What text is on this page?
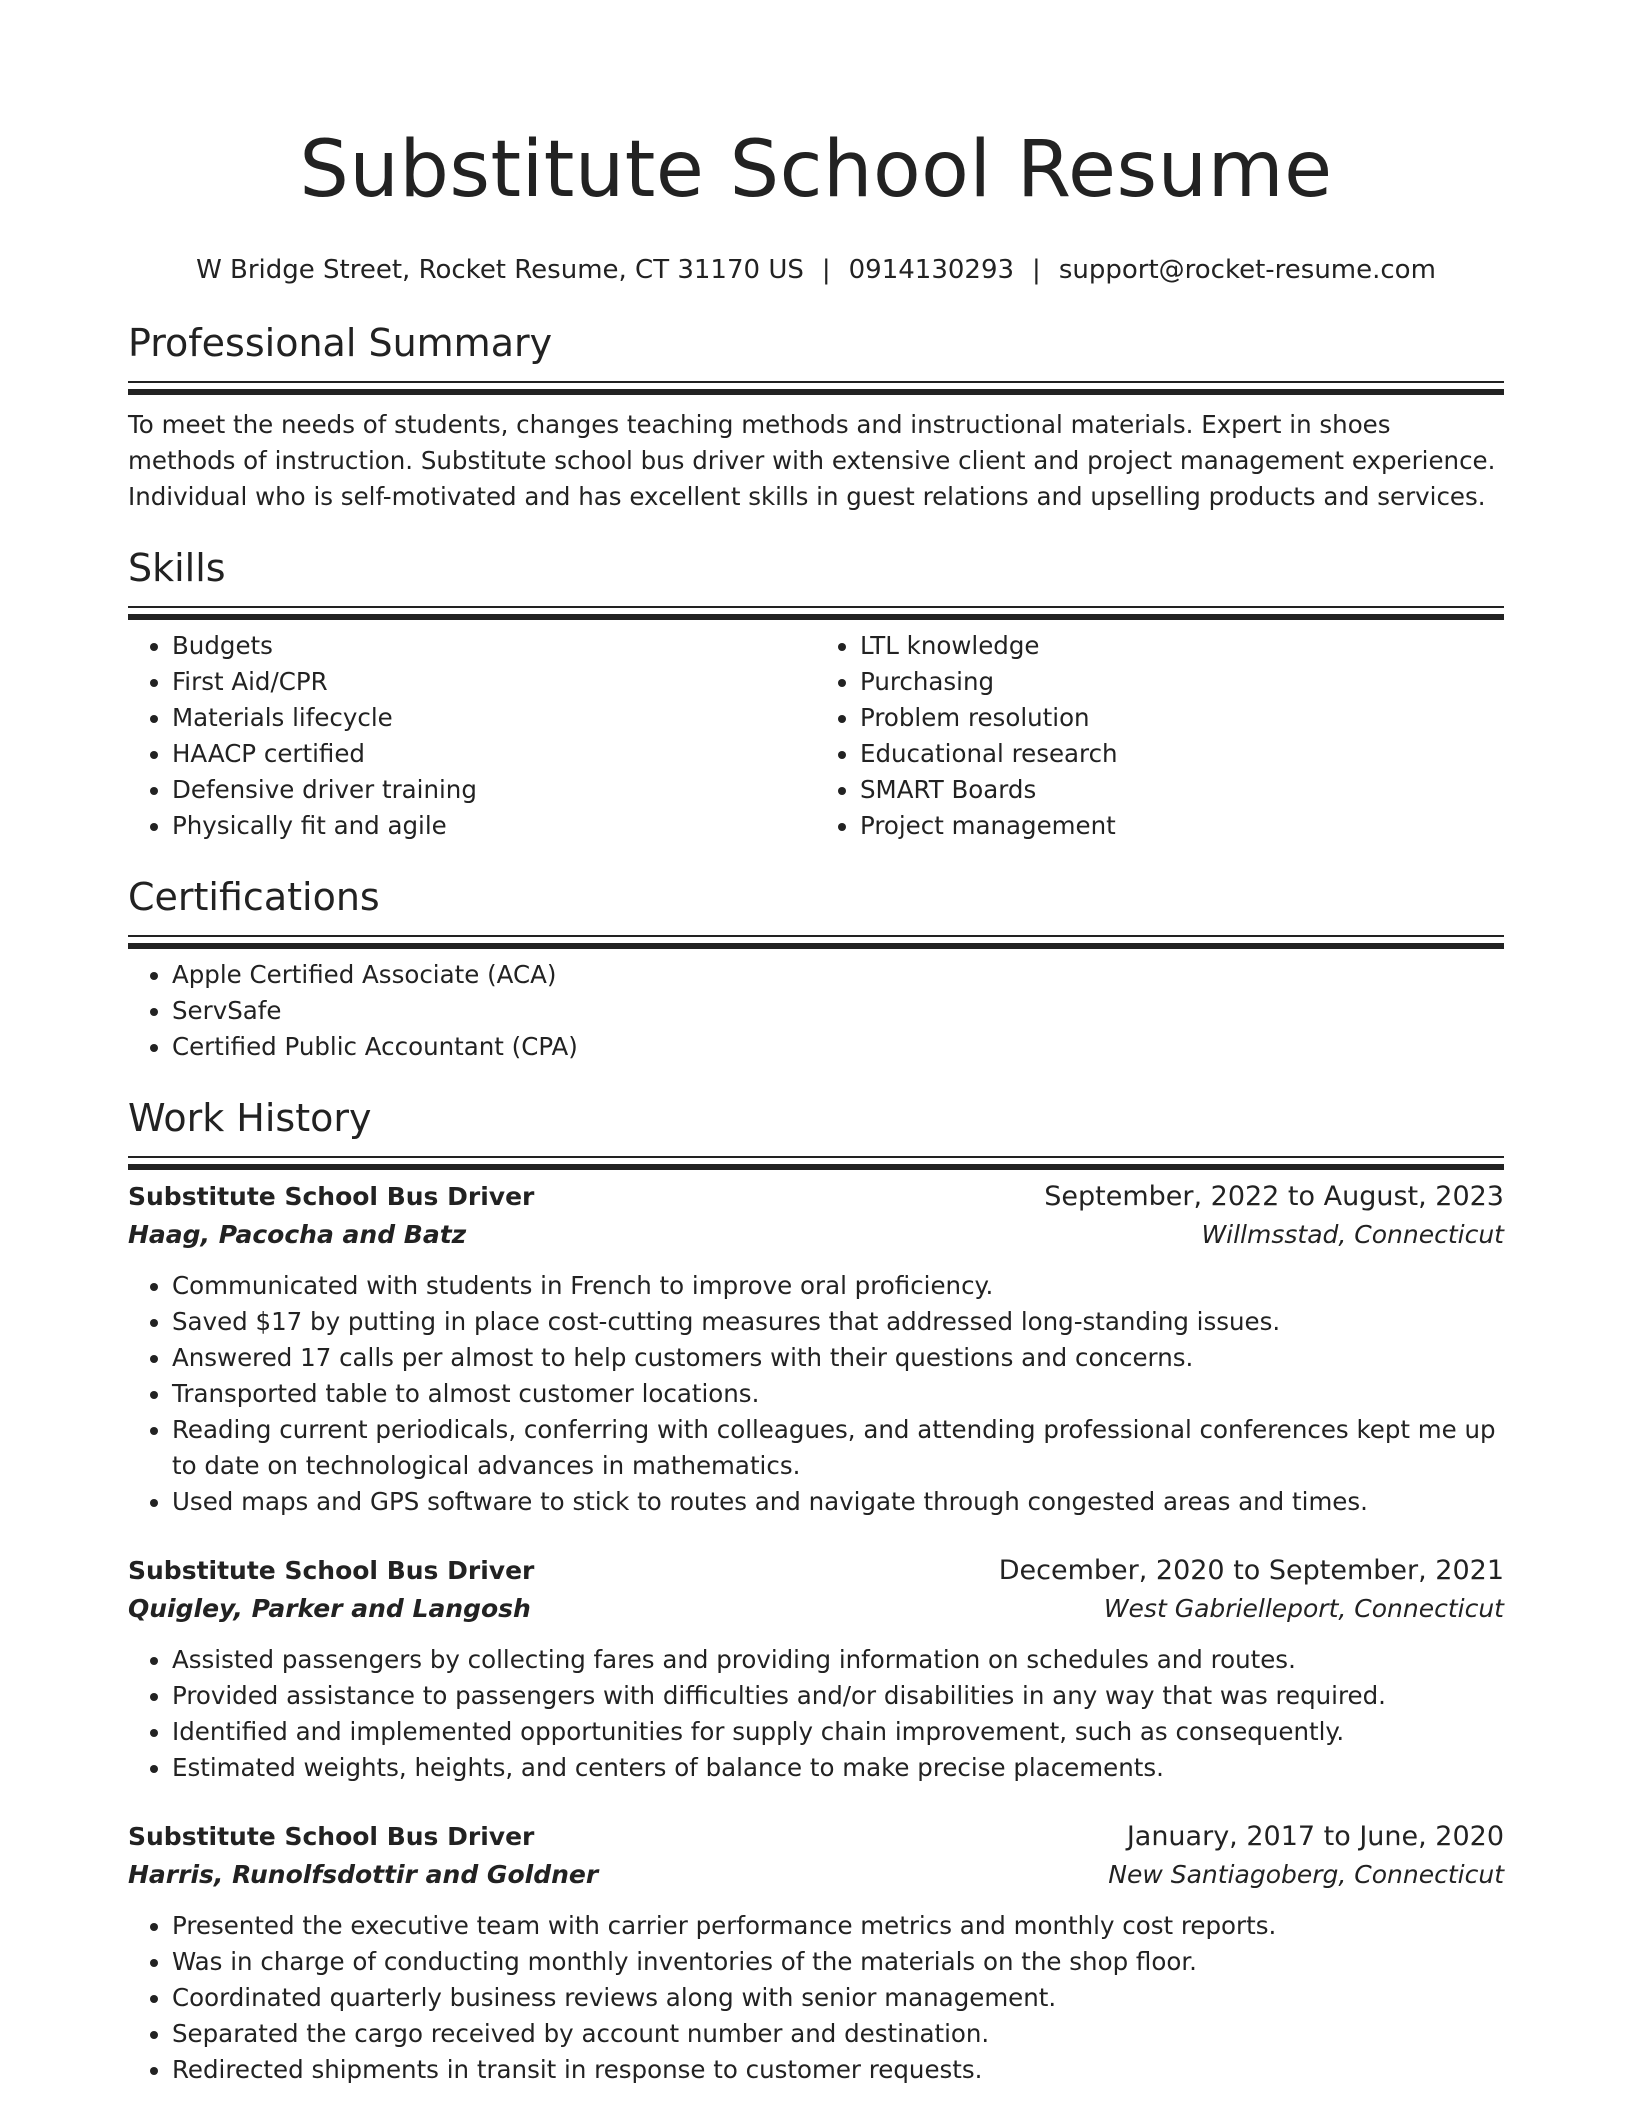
Substitute School Resume
W Bridge Street, Rocket Resume, CT 31170 US | 0914130293 | support@rocket-resume.com
Professional Summary

To meet the needs of students, changes teaching methods and instructional materials. Expert in shoes methods of instruction. Substitute school bus driver with extensive client and project management experience. Individual who is self-motivated and has excellent skills in guest relations and upselling products and services.

Skills
• Budgets
• First Aid/CPR
• Materials lifecycle
• HAACP certified
• Defensive driver training
• Physically fit and agile
• LTL knowledge
• Purchasing
• Problem resolution
• Educational research
• SMART Boards
• Project management
Certifications
• Apple Certified Associate (ACA)
• ServSafe
• Certified Public Accountant (CPA)
Work History
Substitute School Bus Driver	September, 2022 to August, 2023
Haag, Pacocha and Batz	Willmsstad, Connecticut
• Communicated with students in French to improve oral proficiency.
• Saved $17 by putting in place cost-cutting measures that addressed long-standing issues.
• Answered 17 calls per almost to help customers with their questions and concerns.
• Transported table to almost customer locations.
• Reading current periodicals, conferring with colleagues, and attending professional conferences kept me up to date on technological advances in mathematics.
• Used maps and GPS software to stick to routes and navigate through congested areas and times.
Substitute School Bus Driver	December, 2020 to September, 2021
Quigley, Parker and Langosh	West Gabrielleport, Connecticut
• Assisted passengers by collecting fares and providing information on schedules and routes.
• Provided assistance to passengers with difficulties and/or disabilities in any way that was required.
• Identified and implemented opportunities for supply chain improvement, such as consequently.
• Estimated weights, heights, and centers of balance to make precise placements.
Substitute School Bus Driver	January, 2017 to June, 2020
Harris, Runolfsdottir and Goldner	New Santiagoberg, Connecticut
• Presented the executive team with carrier performance metrics and monthly cost reports.
• Was in charge of conducting monthly inventories of the materials on the shop floor.
• Coordinated quarterly business reviews along with senior management.
• Separated the cargo received by account number and destination.
• Redirected shipments in transit in response to customer requests.
